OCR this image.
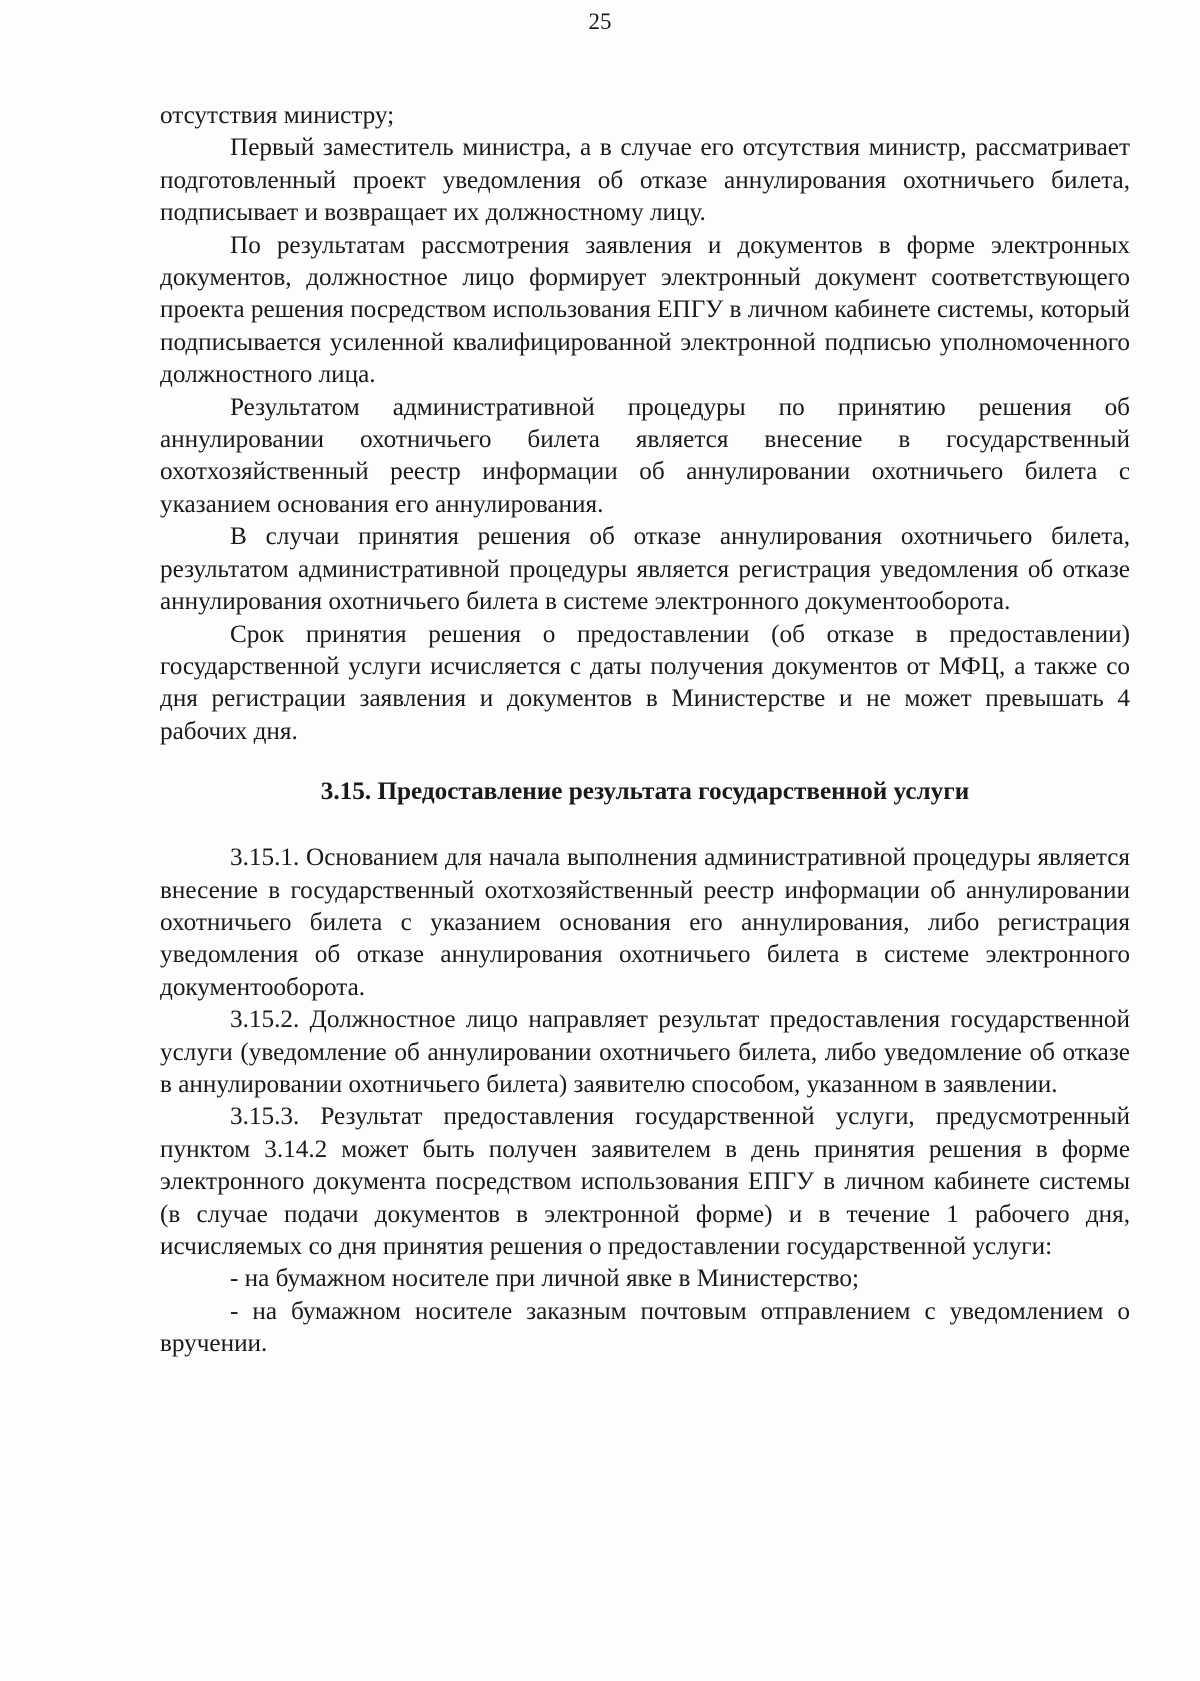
25

отсутствия министру;

Первый заместитель министра, а в случае его отсутствия министр, рассматривает подготовленный проект уведомления об отказе аннулирования охотничьего билета, подписывает и возвращает их должностному лицу.

По результатам рассмотрения заявления и документов в форме электронных документов, должностное лицо формирует электронный документ соответствующего проекта решения посредством использования ЕПГУ в личном кабинете системы, который подписывается усиленной квалифицированной электронной подписью уполномоченного должностного лица.

Результатом административной процедуры по принятию решения об аннулировании охотничьего билета является внесение в государственный охотхозяйственный реестр информации об аннулировании охотничьего билета с указанием основания его аннулирования.

В случаи принятия решения об отказе аннулирования охотничьего билета, результатом административной процедуры является регистрация уведомления об отказе аннулирования охотничьего билета в системе электронного документооборота.

Срок принятия решения о предоставлении (об отказе в предоставлении) государственной услуги исчисляется с даты получения документов от МФЦ, а также со дня регистрации заявления и документов в Министерстве и не может превышать 4 рабочих дня.

3.15. Предоставление результата государственной услуги

3.15.1. Основанием для начала выполнения административной процедуры является внесение в государственный охотхозяйственный реестр информации об аннулировании охотничьего билета с указанием основания его аннулирования, либо регистрация уведомления об отказе аннулирования охотничьего билета в системе электронного документооборота.

3.15.2. Должностное лицо направляет результат предоставления государственной услуги (уведомление об аннулировании охотничьего билета, либо уведомление об отказе в аннулировании охотничьего билета) заявителю способом, указанном в заявлении.

3.15.3. Результат предоставления государственной услуги, предусмотренный пунктом 3.14.2 может быть получен заявителем в день принятия решения в форме электронного документа посредством использования ЕПГУ в личном кабинете системы (в случае подачи документов в электронной форме) и в течение 1 рабочего дня, исчисляемых со дня принятия решения о предоставлении государственной услуги:

- на бумажном носителе при личной явке в Министерство;

- на бумажном носителе заказным почтовым отправлением с уведомлением о вручении.
